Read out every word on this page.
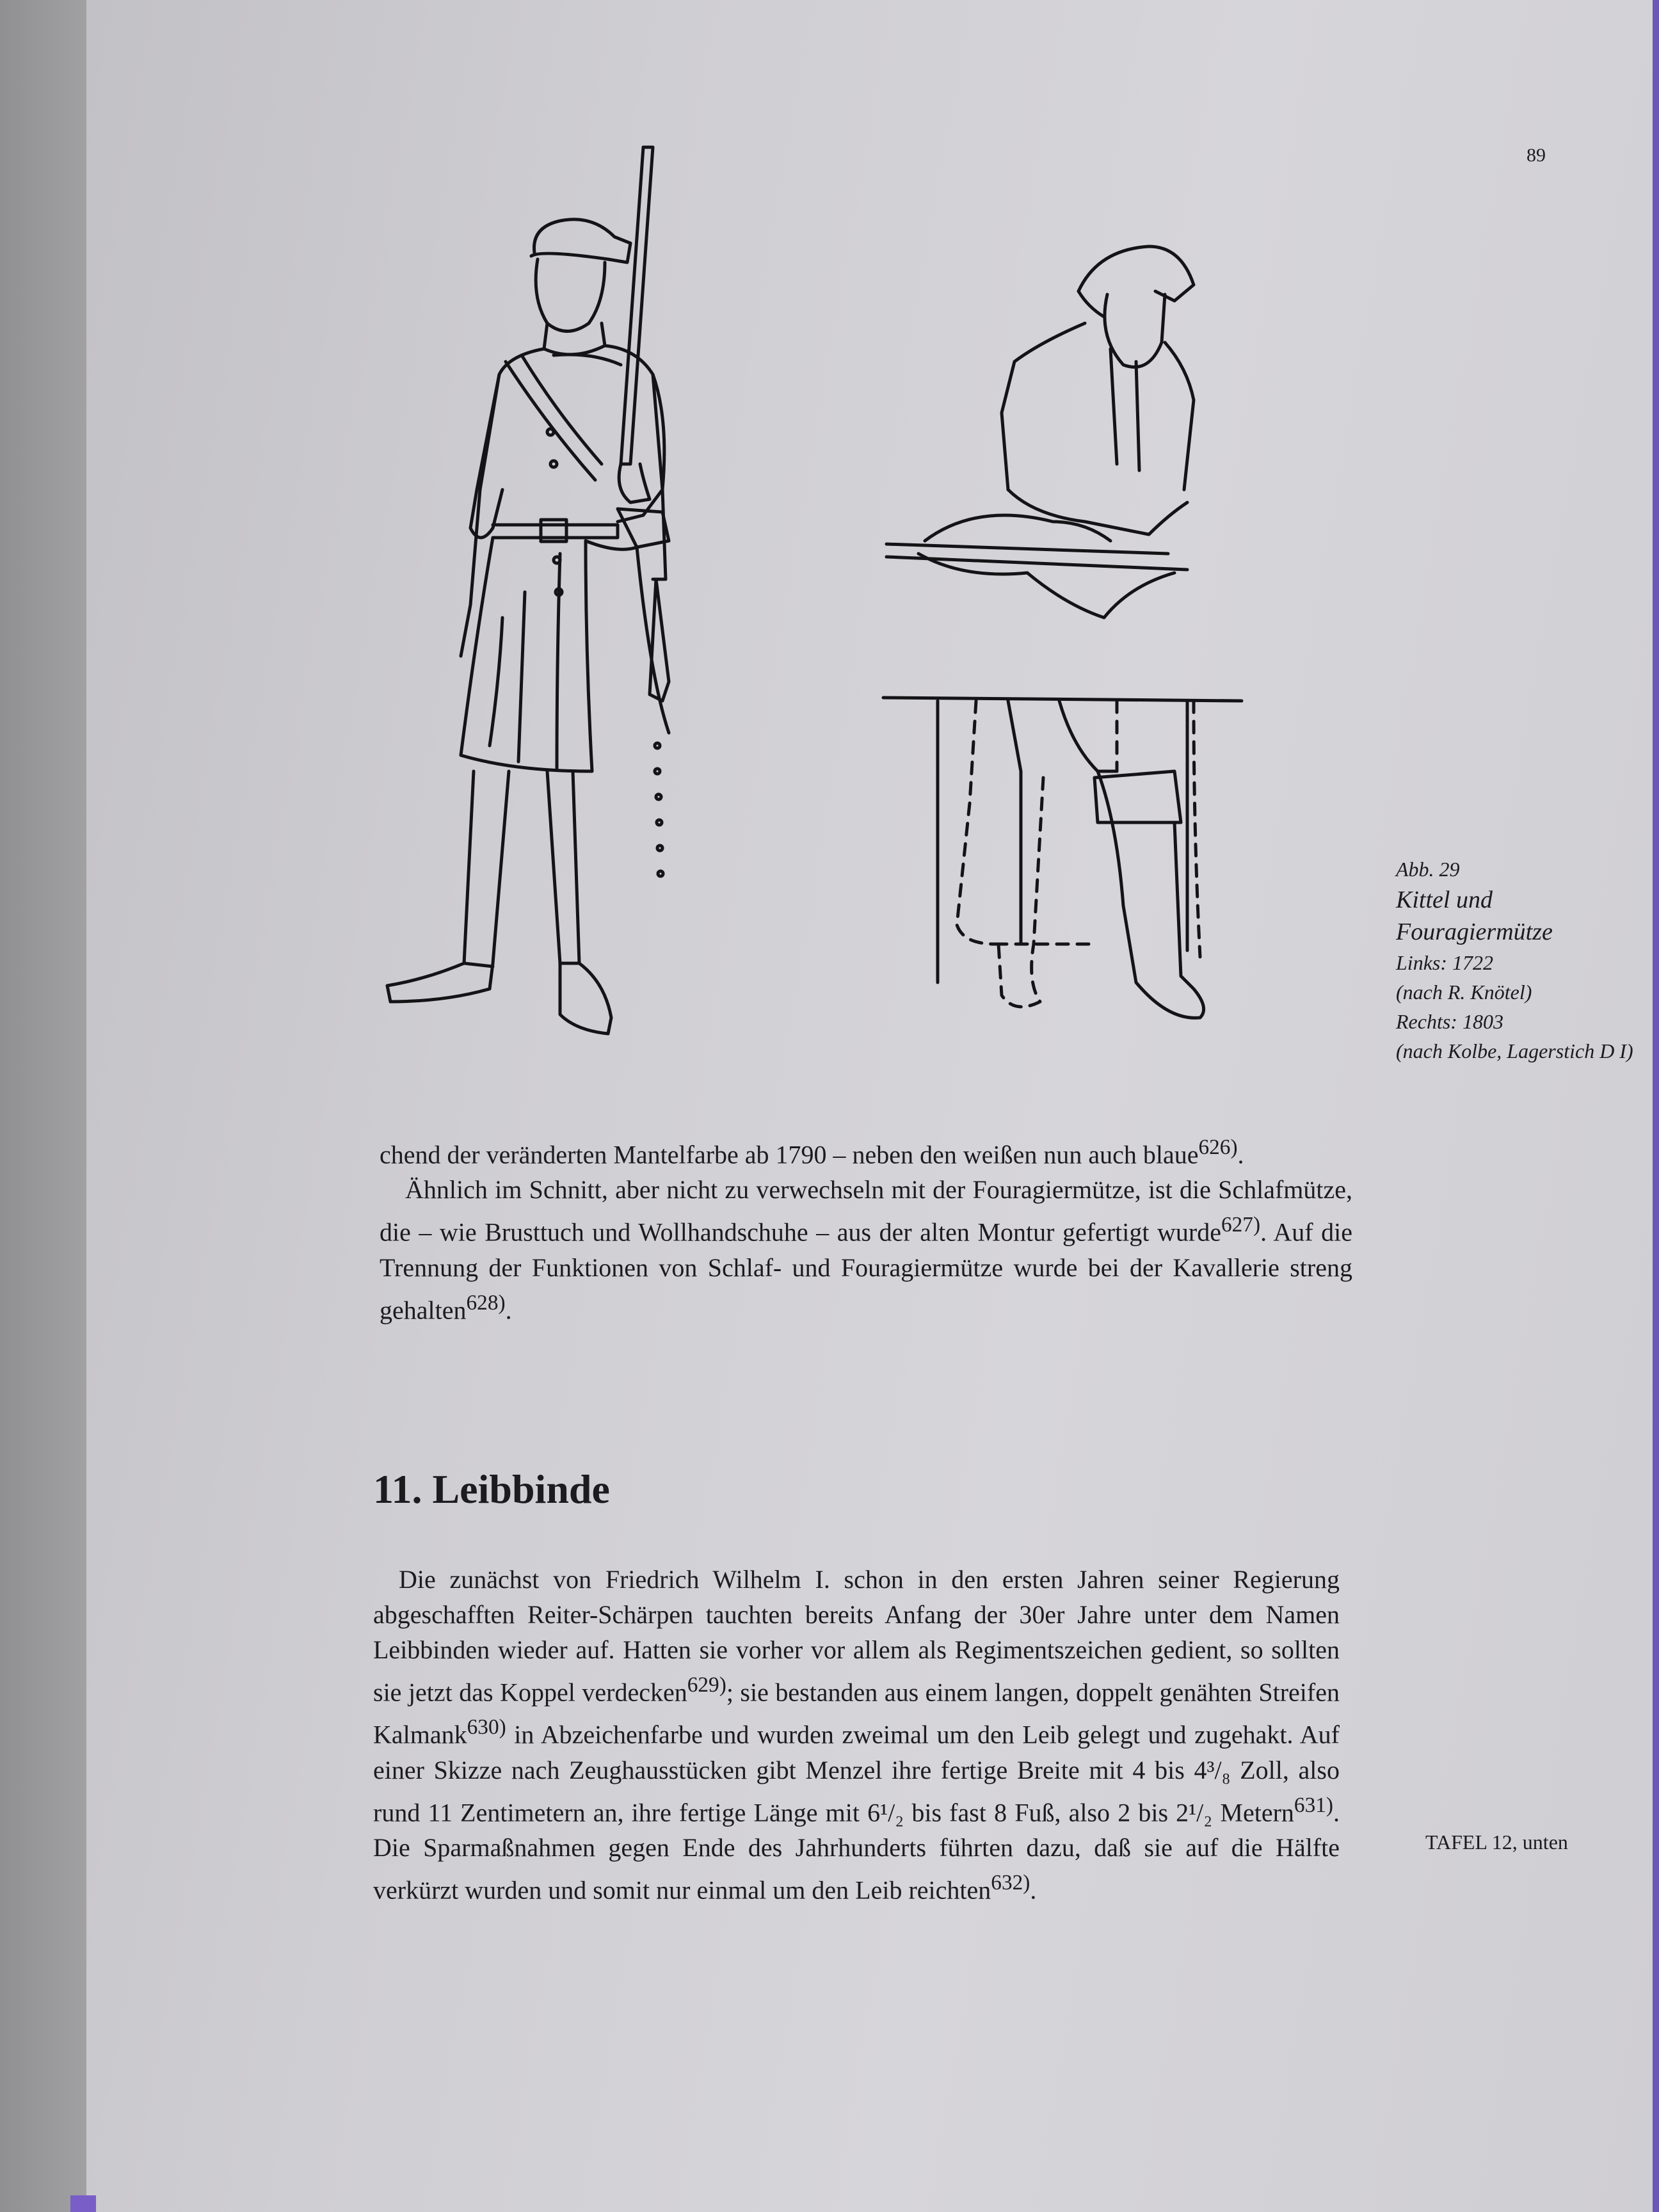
89
Abb. 29
Kittel und
Fouragiermütze
Links: 1722
(nach R. Knötel)
Rechts: 1803
(nach Kolbe, Lagerstich D I)
chend der veränderten Mantelfarbe ab 1790 – neben den weißen nun auch blaue$^{626)}$.
Ähnlich im Schnitt, aber nicht zu verwechseln mit der Fouragiermütze, ist die Schlafmütze, die – wie Brusttuch und Wollhandschuhe – aus der alten Montur gefertigt wurde$^{627)}$. Auf die Trennung der Funktionen von Schlaf- und Fouragiermütze wurde bei der Kavallerie streng gehalten$^{628)}$.
11. Leibbinde
Die zunächst von Friedrich Wilhelm I. schon in den ersten Jahren seiner Regierung abgeschafften Reiter-Schärpen tauchten bereits Anfang der 30er Jahre unter dem Namen Leibbinden wieder auf. Hatten sie vorher vor allem als Regimentszeichen gedient, so sollten sie jetzt das Koppel verdecken$^{629)}$; sie bestanden aus einem langen, doppelt genähten Streifen Kalmank$^{630)}$ in Abzeichenfarbe und wurden zweimal um den Leib gelegt und zugehakt. Auf einer Skizze nach Zeughausstücken gibt Menzel ihre fertige Breite mit 4 bis 4³/₈ Zoll, also rund 11 Zentimetern an, ihre fertige Länge mit 6¹/₂ bis fast 8 Fuß, also 2 bis 2¹/₂ Metern$^{631)}$. Die Sparmaßnahmen gegen Ende des Jahrhunderts führten dazu, daß sie auf die Hälfte verkürzt wurden und somit nur einmal um den Leib reichten$^{632)}$.
TAFEL 12, unten
